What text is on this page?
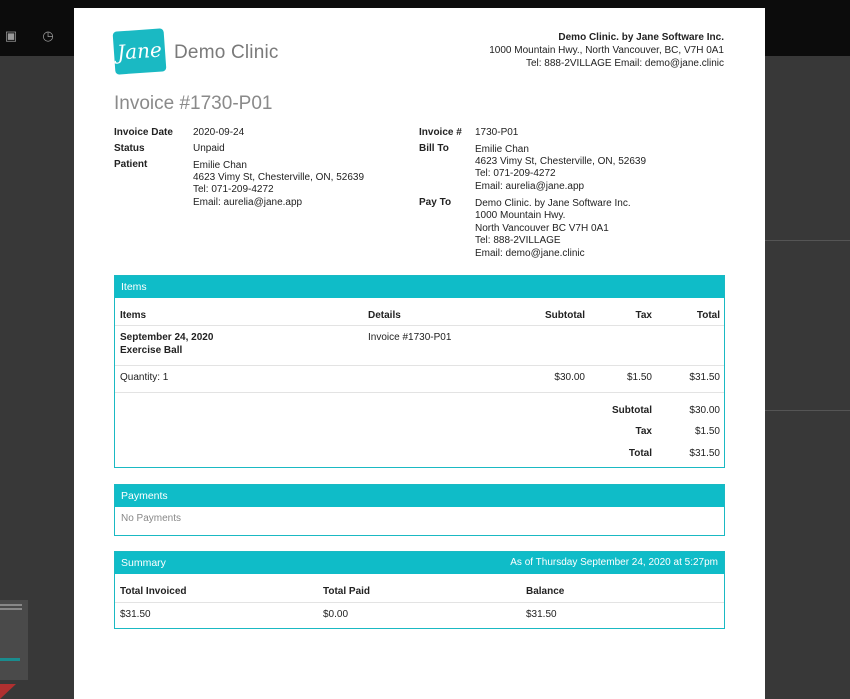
▣ ◷
Jane Demo Clinic
Demo Clinic. by Jane Software Inc.
1000 Mountain Hwy., North Vancouver, BC, V7H 0A1
Tel: 888-2VILLAGE Email: demo@jane.clinic
Invoice #1730-P01
Invoice Date 2020-09-24
Status	Unpaid
Patient	Emilie Chan
4623 Vimy St, Chesterville, ON, 52639
Tel: 071-209-4272
Email: aurelia@jane.app
Invoice # 1730-P01
Bill To	Emilie Chan
4623 Vimy St, Chesterville, ON, 52639
Tel: 071-209-4272
Email: aurelia@jane.app
Pay To Demo Clinic. by Jane Software Inc.
1000 Mountain Hwy.
North Vancouver BC V7H 0A1
Tel: 888-2VILLAGE
Email: demo@jane.clinic
Items
Items	Details	Subtotal	Tax	Total
September 24, 2020
Exercise Ball
Invoice #1730-P01
Quantity: 1	$30.00	$1.50	$31.50
Subtotal	$30.00
Tax	$1.50
Total	$31.50
Payments
No Payments
Summary	As of Thursday September 24, 2020 at 5:27pm
Total Invoiced	Total Paid	Balance
$31.50	$0.00	$31.50
